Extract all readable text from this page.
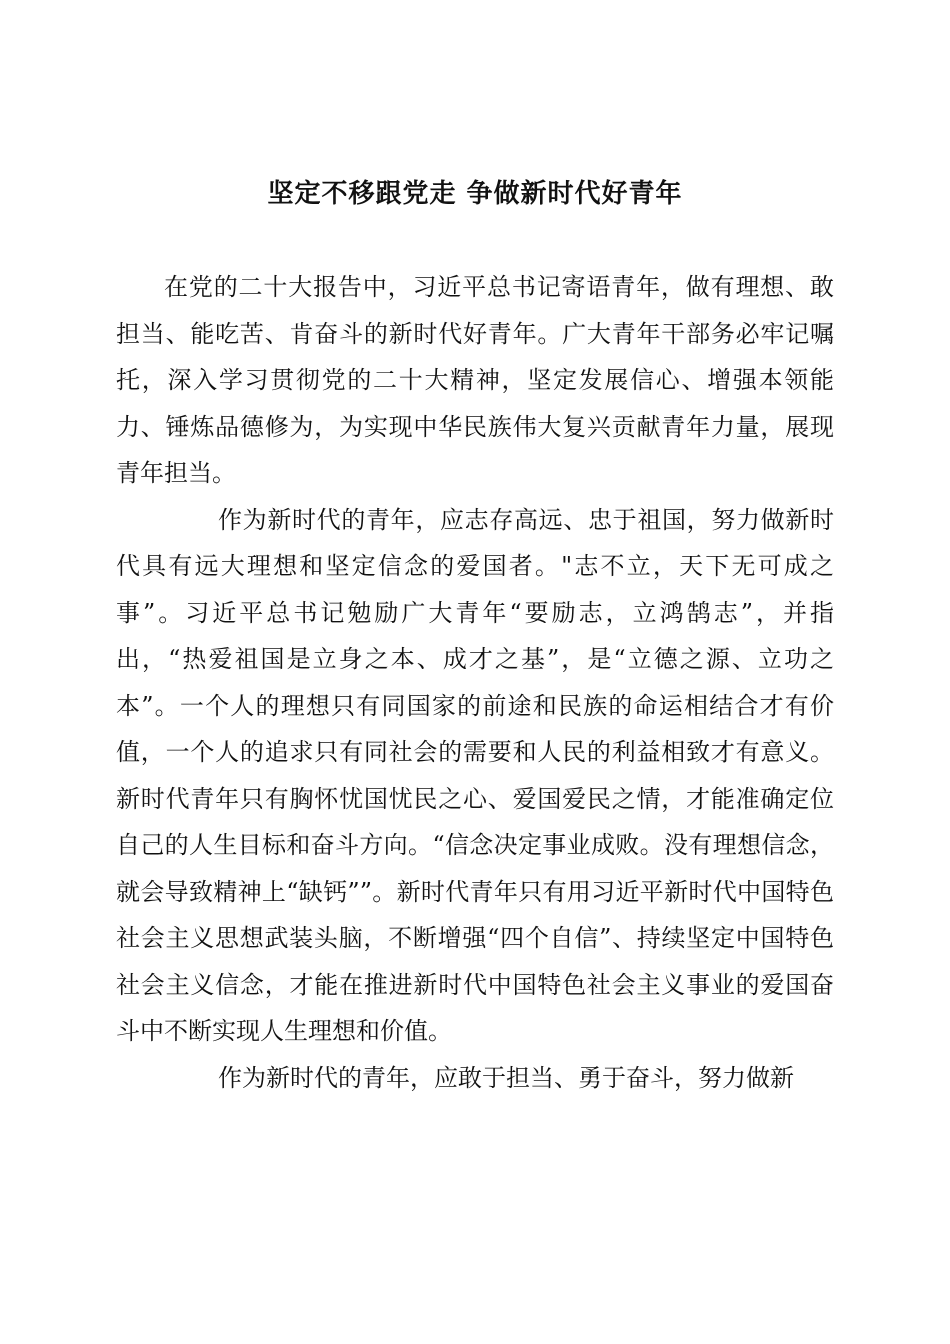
坚定不移跟党走 争做新时代好青年

在党的二十大报告中，习近平总书记寄语青年，做有理想、敢担当、能吃苦、肯奋斗的新时代好青年。广大青年干部务必牢记嘱托，深入学习贯彻党的二十大精神，坚定发展信心、增强本领能力、锤炼品德修为，为实现中华民族伟大复兴贡献青年力量，展现青年担当。

作为新时代的青年，应志存高远、忠于祖国，努力做新时代具有远大理想和坚定信念的爱国者。"志不立，天下无可成之事”。习近平总书记勉励广大青年“要励志，立鸿鹄志”，并指出，“热爱祖国是立身之本、成才之基”，是“立德之源、立功之本”。一个人的理想只有同国家的前途和民族的命运相结合才有价值，一个人的追求只有同社会的需要和人民的利益相致才有意义。新时代青年只有胸怀忧国忧民之心、爱国爱民之情，才能准确定位自己的人生目标和奋斗方向。“信念决定事业成败。没有理想信念，就会导致精神上“缺钙””。新时代青年只有用习近平新时代中国特色社会主义思想武装头脑，不断增强“四个自信”、持续坚定中国特色社会主义信念，才能在推进新时代中国特色社会主义事业的爱国奋斗中不断实现人生理想和价值。

作为新时代的青年，应敢于担当、勇于奋斗，努力做新
